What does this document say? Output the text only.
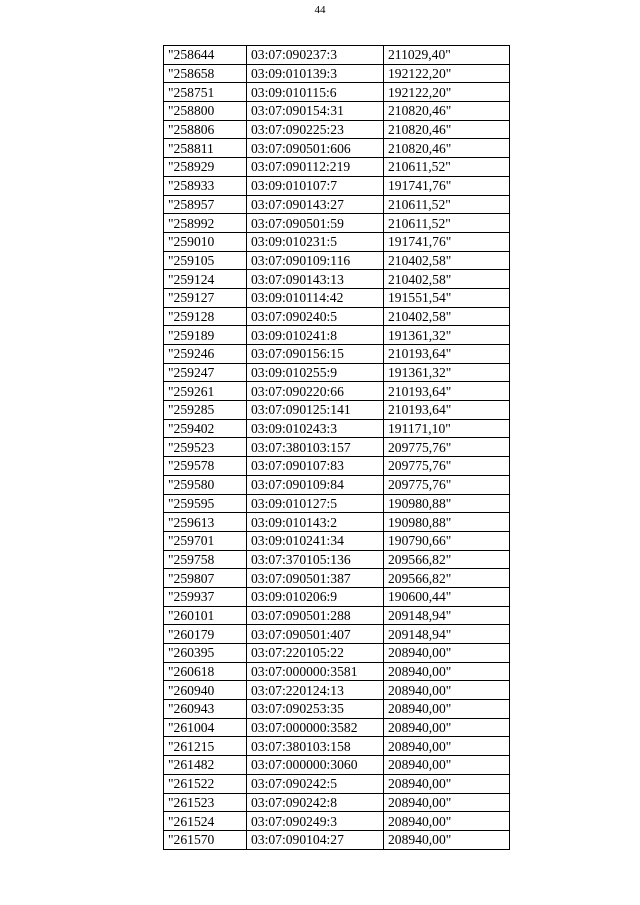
44
"258644	03:07:090237:3	211029,40"
"258658	03:09:010139:3	192122,20"
"258751	03:09:010115:6	192122,20"
"258800	03:07:090154:31	210820,46"
"258806	03:07:090225:23	210820,46"
"258811	03:07:090501:606	210820,46"
"258929	03:07:090112:219	210611,52"
"258933	03:09:010107:7	191741,76"
"258957	03:07:090143:27	210611,52"
"258992	03:07:090501:59	210611,52"
"259010	03:09:010231:5	191741,76"
"259105	03:07:090109:116	210402,58"
"259124	03:07:090143:13	210402,58"
"259127	03:09:010114:42	191551,54"
"259128	03:07:090240:5	210402,58"
"259189	03:09:010241:8	191361,32"
"259246	03:07:090156:15	210193,64"
"259247	03:09:010255:9	191361,32"
"259261	03:07:090220:66	210193,64"
"259285	03:07:090125:141	210193,64"
"259402	03:09:010243:3	191171,10"
"259523	03:07:380103:157	209775,76"
"259578	03:07:090107:83	209775,76"
"259580	03:07:090109:84	209775,76"
"259595	03:09:010127:5	190980,88"
"259613	03:09:010143:2	190980,88"
"259701	03:09:010241:34	190790,66"
"259758	03:07:370105:136	209566,82"
"259807	03:07:090501:387	209566,82"
"259937	03:09:010206:9	190600,44"
"260101	03:07:090501:288	209148,94"
"260179	03:07:090501:407	209148,94"
"260395	03:07:220105:22	208940,00"
"260618	03:07:000000:3581	208940,00"
"260940	03:07:220124:13	208940,00"
"260943	03:07:090253:35	208940,00"
"261004	03:07:000000:3582	208940,00"
"261215	03:07:380103:158	208940,00"
"261482	03:07:000000:3060	208940,00"
"261522	03:07:090242:5	208940,00"
"261523	03:07:090242:8	208940,00"
"261524	03:07:090249:3	208940,00"
"261570	03:07:090104:27	208940,00"
